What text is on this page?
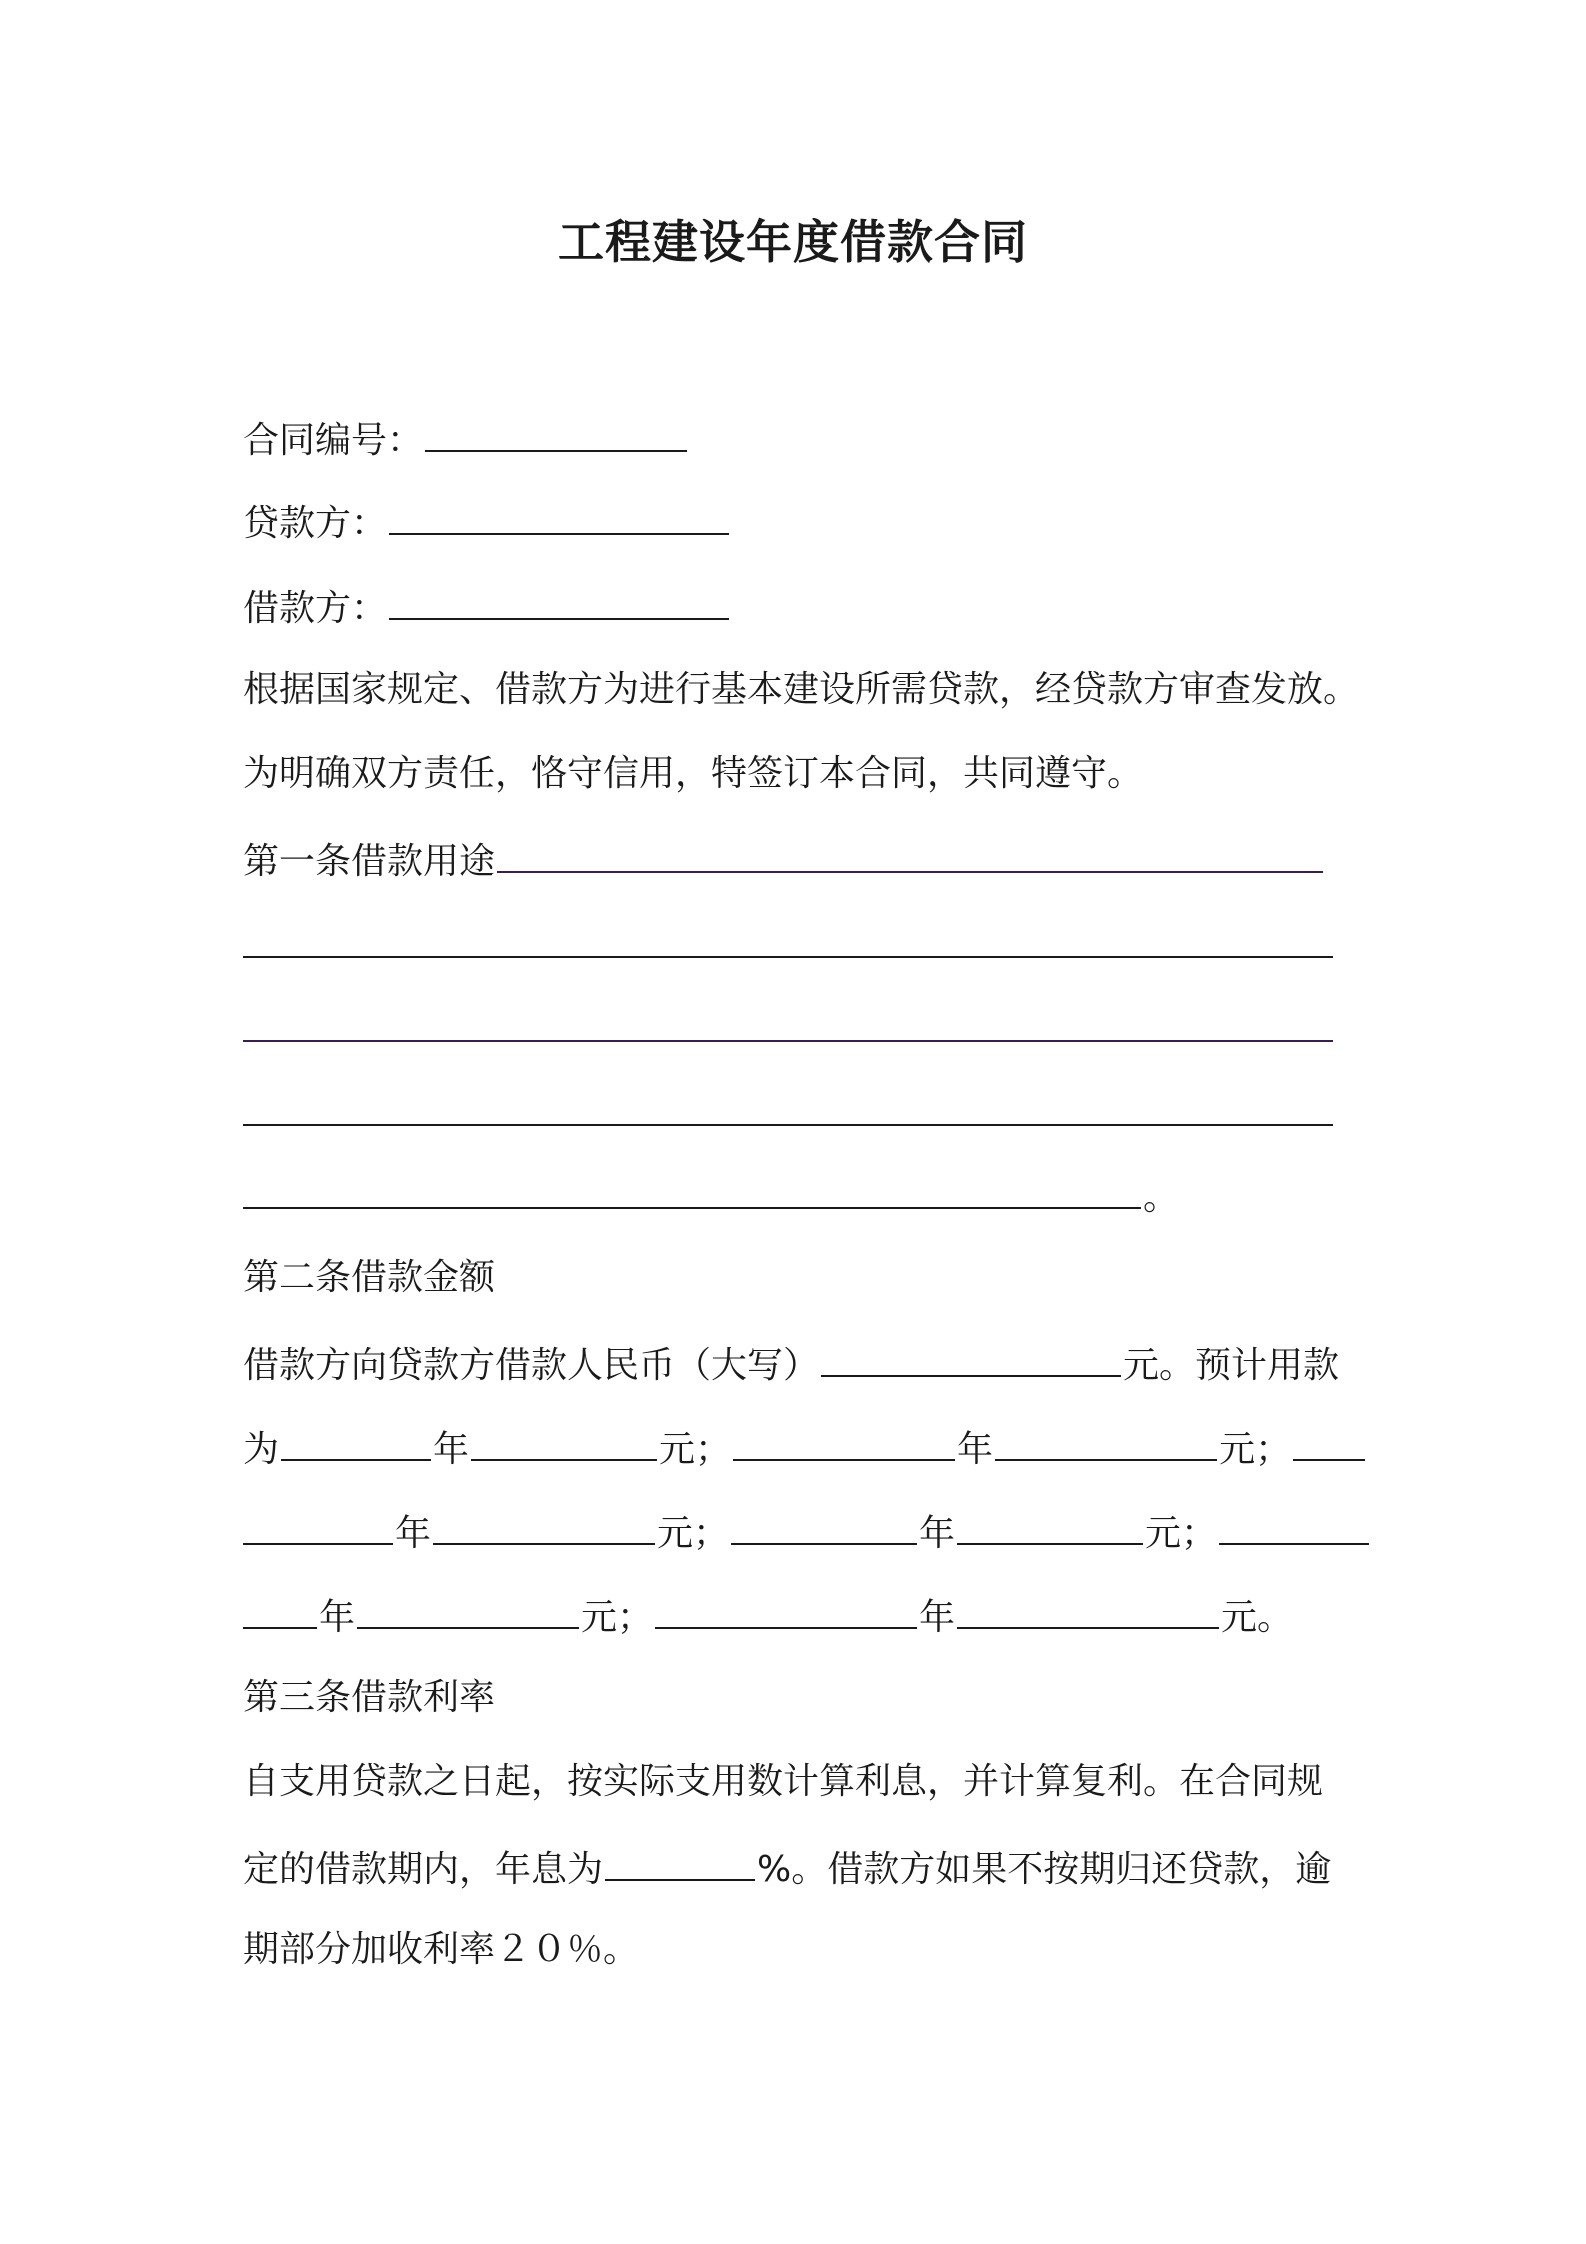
工程建设年度借款合同
合同编号：
贷款方：
借款方：
根据国家规定、借款方为进行基本建设所需贷款，经贷款方审查发放。
为明确双方责任，恪守信用，特签订本合同，共同遵守。
第一条借款用途
。
第二条借款金额
借款方向贷款方借款人民币（大写）	元。预计用款
为	年	元；	年	元；
年	元；	年	元；
年	元；	年	元。
第三条借款利率
自支用贷款之日起，按实际支用数计算利息，并计算复利。在合同规
定的借款期内，年息为	%。借款方如果不按期归还贷款，逾
期部分加收利率２０％。
